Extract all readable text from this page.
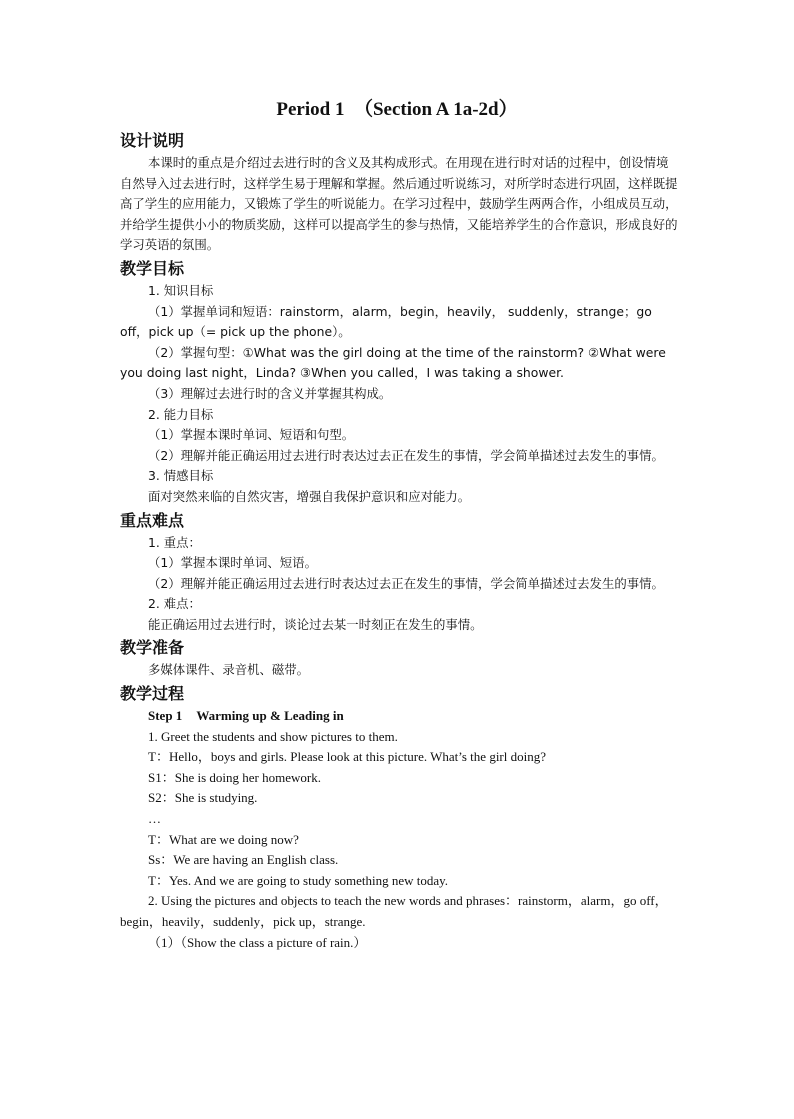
Period 1　（Section A 1a-2d）
设计说明

本课时的重点是介绍过去进行时的含义及其构成形式。在用现在进行时对话的过程中，创设情境自然导入过去进行时，这样学生易于理解和掌握。然后通过听说练习，对所学时态进行巩固，这样既提高了学生的应用能力，又锻炼了学生的听说能力。在学习过程中，鼓励学生两两合作，小组成员互动，并给学生提供小小的物质奖励，这样可以提高学生的参与热情，又能培养学生的合作意识，形成良好的学习英语的氛围。

教学目标

1. 知识目标

（1）掌握单词和短语：rainstorm，alarm，begin，heavily， suddenly，strange；go off，pick up（= pick up the phone）。

（2）掌握句型：①What was the girl doing at the time of the rainstorm? ②What were you doing last night，Linda? ③When you called，I was taking a shower.

（3）理解过去进行时的含义并掌握其构成。

2. 能力目标

（1）掌握本课时单词、短语和句型。

（2）理解并能正确运用过去进行时表达过去正在发生的事情，学会简单描述过去发生的事情。

3. 情感目标

面对突然来临的自然灾害，增强自我保护意识和应对能力。

重点难点

1. 重点：

（1）掌握本课时单词、短语。

（2）理解并能正确运用过去进行时表达过去正在发生的事情，学会简单描述过去发生的事情。

2. 难点：

能正确运用过去进行时，谈论过去某一时刻正在发生的事情。

教学准备

多媒体课件、录音机、磁带。

教学过程

Step 1 Warming up & Leading in

1. Greet the students and show pictures to them.

T：Hello，boys and girls. Please look at this picture. What’s the girl doing?

S1：She is doing her homework.

S2：She is studying.

…

T：What are we doing now?

Ss：We are having an English class.

T：Yes. And we are going to study something new today.

2. Using the pictures and objects to teach the new words and phrases：rainstorm，alarm，go off，begin，heavily，suddenly，pick up，strange.

（1）（Show the class a picture of rain.）
